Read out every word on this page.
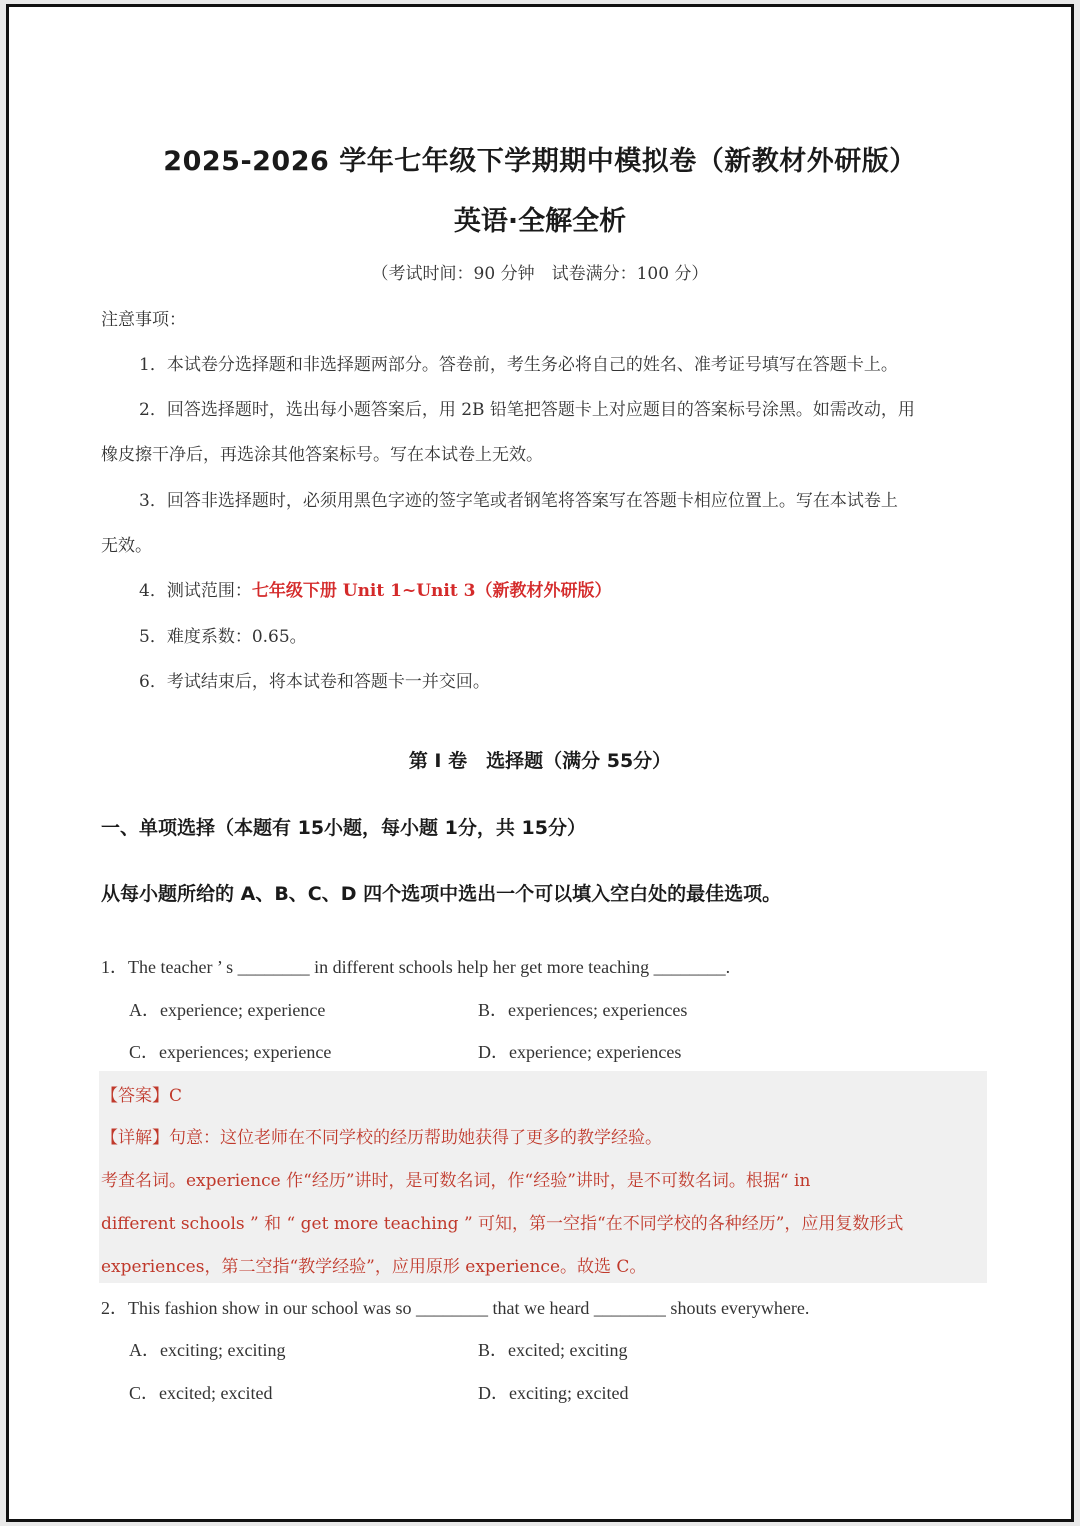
2025-2026 学年七年级下学期期中模拟卷（新教材外研版）
英语·全解全析
（考试时间：90 分钟　试卷满分：100 分）
注意事项：
1．本试卷分选择题和非选择题两部分。答卷前，考生务必将自己的姓名、准考证号填写在答题卡上。
2．回答选择题时，选出每小题答案后，用 2B 铅笔把答题卡上对应题目的答案标号涂黑。如需改动，用
橡皮擦干净后，再选涂其他答案标号。写在本试卷上无效。
3．回答非选择题时，必须用黑色字迹的签字笔或者钢笔将答案写在答题卡相应位置上。写在本试卷上
无效。
4．测试范围：七年级下册 Unit 1~Unit 3（新教材外研版）
5．难度系数：0.65。
6．考试结束后，将本试卷和答题卡一并交回。
第 I 卷　选择题（满分 55分）
一、单项选择（本题有 15小题，每小题 1分，共 15分）
从每小题所给的 A、B、C、D 四个选项中选出一个可以填入空白处的最佳选项。
1．The teacher ’ s ________ in different schools help her get more teaching ________.
A．experience; experience	B．experiences; experiences
C．experiences; experience	D．experience; experiences
【答案】C
【详解】句意：这位老师在不同学校的经历帮助她获得了更多的教学经验。
考查名词。experience 作“经历”讲时，是可数名词，作“经验”讲时，是不可数名词。根据“ in
different schools ” 和 “ get more teaching ” 可知，第一空指“在不同学校的各种经历”，应用复数形式
experiences，第二空指“教学经验”，应用原形 experience。故选 C。
2．This fashion show in our school was so ________ that we heard ________ shouts everywhere.
A．exciting; exciting	B．excited; exciting
C．excited; excited	D．exciting; excited
